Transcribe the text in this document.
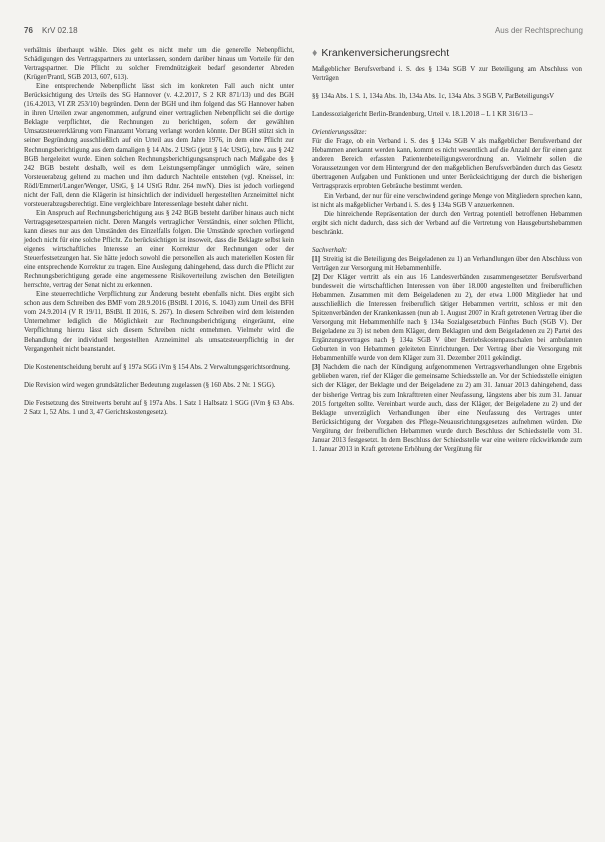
76 KrV 02.18	Aus der Rechtsprechung

verhältnis überhaupt wähle. Dies geht es nicht mehr um die generelle Nebenpflicht, Schädigungen des Vertragspartners zu unterlassen, sondern darüber hinaus um Vorteile für den Vertragspartner. Die Pflicht zu solcher Fremdnützigkeit bedarf gesonderter Abreden (Krüger/Prantl, SGB 2013, 607, 613).

Eine entsprechende Nebenpflicht lässt sich im konkreten Fall auch nicht unter Berücksichtigung des Urteils des SG Hannover (v. 4.2.2017, S 2 KR 871/13) und des BGH (16.4.2013, VI ZR 253/10) begründen. Denn der BGH und ihm folgend das SG Hannover haben in ihren Urteilen zwar angenommen, aufgrund einer vertraglichen Nebenpflicht sei die dortige Beklagte verpflichtet, die Rechnungen zu berichtigen, sofern der gewählten Umsatzsteuererklärung vom Finanzamt Vorrang verlangt worden könnte. Der BGH stützt sich in seiner Begründung ausschließlich auf ein Urteil aus dem Jahre 1976, in dem eine Pflicht zur Rechnungsberichtigung aus dem damaligen § 14 Abs. 2 UStG (jetzt § 14c UStG), bzw. aus § 242 BGB hergeleitet wurde. Einen solchen Rechnungsberichtigungsanspruch nach Maßgabe des § 242 BGB besteht deshalb, weil es dem Leistungsempfänger unmöglich wäre, seinen Vorsteuerabzug geltend zu machen und ihm dadurch Nachteile entstehen (vgl. Kneissel, in: Rödl/Emmerl/Langer/Wenger, UStG, § 14 UStG Rdnr. 264 mwN). Dies ist jedoch vorliegend nicht der Fall, denn die Klägerin ist hinsichtlich der individuell hergestellten Arzneimittel nicht vorsteuerabzugsberechtigt. Eine vergleichbare Interessenlage besteht daher nicht.

Ein Anspruch auf Rechnungsberichtigung aus § 242 BGB besteht darüber hinaus auch nicht Vertragsgesetzesparteien nicht. Deren Mangels vertraglicher Verständnis, einer solchen Pflicht, kann dieses nur aus den Umständen des Einzelfalls folgen. Die Umstände sprechen vorliegend jedoch nicht für eine solche Pflicht. Zu berücksichtigen ist insoweit, dass die Beklagte selbst kein eigenes wirtschaftliches Interesse an einer Korrektur der Rechnungen oder der Steuerfestsetzungen hat. Sie hätte jedoch sowohl die personellen als auch materiellen Kosten für eine entsprechende Korrektur zu tragen. Eine Auslegung dahingehend, dass durch die Pflicht zur Rechnungsberichtigung gerade eine angemessene Risikoverteilung zwischen den Beteiligten herrschte, vertrag der Senat nicht zu erkennen.

Eine steuerrechtliche Verpflichtung zur Änderung besteht ebenfalls nicht. Dies ergibt sich schon aus dem Schreiben des BMF vom 28.9.2016 (BStBl. I 2016, S. 1043) zum Urteil des BFH vom 24.9.2014 (V R 19/11, BStBl. II 2016, S. 267). In diesem Schreiben wird dem leistenden Unternehmer lediglich die Möglichkeit zur Rechnungsberichtigung eingeräumt, eine Verpflichtung hierzu lässt sich diesem Schreiben nicht entnehmen. Vielmehr wird die Behandlung der individuell hergestellten Arzneimittel als umsatzsteuerpflichtig in der Vergangenheit nicht beanstandet.

Die Kostenentscheidung beruht auf § 197a SGG iVm § 154 Abs. 2 Verwaltungsgerichtsordnung.

Die Revision wird wegen grundsätzlicher Bedeutung zugelassen (§ 160 Abs. 2 Nr. 1 SGG).

Die Festsetzung des Streitwerts beruht auf § 197a Abs. 1 Satz 1 Halbsatz 1 SGG (iVm § 63 Abs. 2 Satz 1, 52 Abs. 1 und 3, 47 Gerichtskostengesetz).

♦ Krankenversicherungsrecht

Maßgeblicher Berufsverband i. S. des § 134a SGB V zur Beteiligung am Abschluss von Verträgen

§§ 134a Abs. 1 S. 1, 134a Abs. 1b, 134a Abs. 1c, 134a Abs. 3 SGB V, ParBeteiligungsV

Landessozialgericht Berlin-Brandenburg, Urteil v. 18.1.2018 – L 1 KR 316/13 –

Orientierungssätze:

Für die Frage, ob ein Verband i. S. des § 134a SGB V als maßgeblicher Berufsverband der Hebammen anerkannt werden kann, kommt es nicht wesentlich auf die Anzahl der für einen ganz anderen Bereich erfassten Patientenbeteiligungsverordnung an. Vielmehr sollen die Voraussetzungen vor dem Hintergrund der den maßgeblichen Berufsverbänden durch das Gesetz übertragenen Aufgaben und Funktionen und unter Berücksichtigung der durch die bisherigen Vertragspraxis erprobten Gebräuche bestimmt werden.

Ein Verband, der nur für eine verschwindend geringe Menge von Mitgliedern sprechen kann, ist nicht als maßgeblicher Verband i. S. des § 134a SGB V anzuerkennen.

Die hinreichende Repräsentation der durch den Vertrag potentiell betroffenen Hebammen ergibt sich nicht dadurch, dass sich der Verband auf die Vertretung von Hausgeburtshebammen beschränkt.

Sachverhalt:

[1] Streitig ist die Beteiligung des Beigeladenen zu 1) an Verhandlungen über den Abschluss von Verträgen zur Versorgung mit Hebammenhilfe.

[2] Der Kläger vertritt als ein aus 16 Landesverbänden zusammengesetzter Berufsverband bundesweit die wirtschaftlichen Interessen von über 18.000 angestellten und freiberuflichen Hebammen. Zusammen mit dem Beigeladenen zu 2), der etwa 1.000 Mitglieder hat und ausschließlich die Interessen freiberuflich tätiger Hebammen vertritt, schloss er mit den Spitzenverbänden der Krankenkassen (nun ab 1. August 2007 in Kraft getretenen Vertrag über die Versorgung mit Hebammenhilfe nach § 134a Sozialgesetzbuch Fünftes Buch (SGB V). Der Beigeladene zu 3) ist neben dem Kläger, dem Beklagten und dem Beigeladenen zu 2) Partei des Ergänzungsvertrages nach § 134a SGB V über Betriebskostenpauschalen bei ambulanten Geburten in von Hebammen geleiteten Einrichtungen. Der Vertrag über die Versorgung mit Hebammenhilfe wurde von dem Kläger zum 31. Dezember 2011 gekündigt.

[3] Nachdem die nach der Kündigung aufgenommenen Vertragsverhandlungen ohne Ergebnis geblieben waren, rief der Kläger die gemeinsame Schiedsstelle an. Vor der Schiedsstelle einigten sich der Kläger, der Beklagte und der Beigeladene zu 2) am 31. Januar 2013 dahingehend, dass der bisherige Vertrag bis zum Inkrafttreten einer Neufassung, längstens aber bis zum 31. Januar 2015 fortgelten sollte. Vereinbart wurde auch, dass der Kläger, der Beigeladene zu 2) und der Beklagte unverzüglich Verhandlungen über eine Neufassung des Vertrages unter Berücksichtigung der Vorgaben des Pflege-Neuausrichtungsgesetzes aufnehmen würden. Die Vergütung der freiberuflichen Hebammen wurde durch Beschluss der Schiedsstelle vom 31. Januar 2013 festgesetzt. In dem Beschluss der Schiedsstelle war eine weitere rückwirkende zum 1. Januar 2013 in Kraft getretene Erhöhung der Vergütung für
